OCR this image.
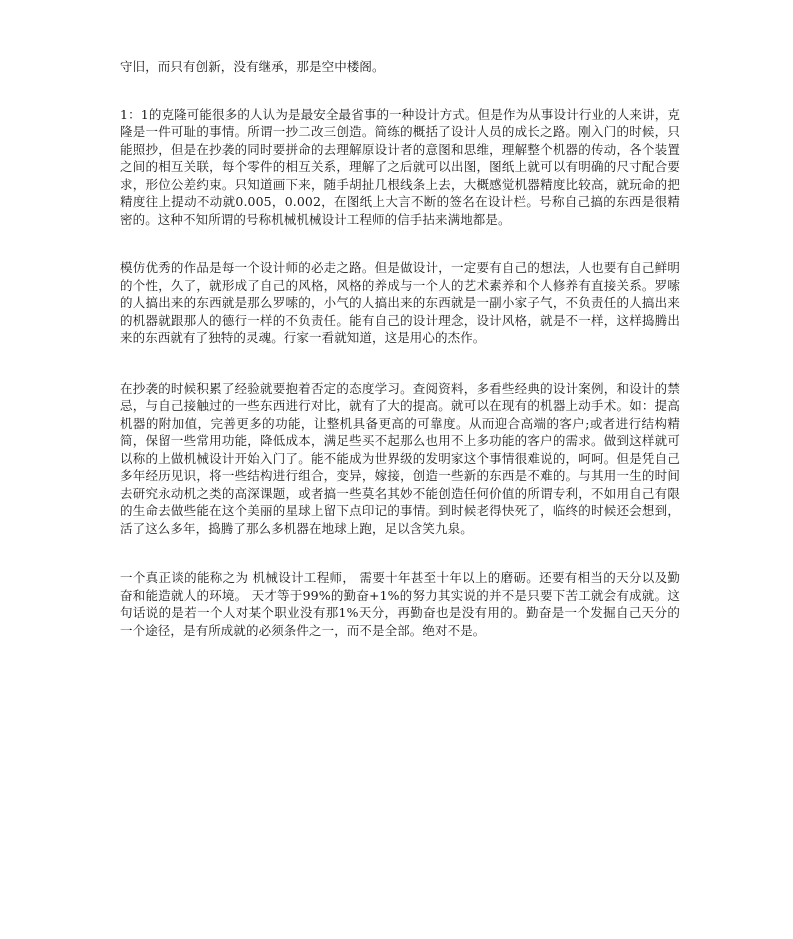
守旧，而只有创新，没有继承，那是空中楼阁。

1：1的克隆可能很多的人认为是最安全最省事的一种设计方式。但是作为从事设计行业的人来讲，克隆是一件可耻的事情。所谓一抄二改三创造。简练的概括了设计人员的成长之路。刚入门的时候，只能照抄，但是在抄袭的同时要拼命的去理解原设计者的意图和思维，理解整个机器的传动，各个装置之间的相互关联，每个零件的相互关系，理解了之后就可以出图，图纸上就可以有明确的尺寸配合要求，形位公差约束。只知道画下来，随手胡扯几根线条上去，大概感觉机器精度比较高，就玩命的把精度往上提动不动就0.005，0.002，在图纸上大言不断的签名在设计栏。号称自己搞的东西是很精密的。这种不知所谓的号称机械机械设计工程师的信手拈来满地都是。

模仿优秀的作品是每一个设计师的必走之路。但是做设计，一定要有自己的想法，人也要有自己鲜明的个性，久了，就形成了自己的风格，风格的养成与一个人的艺术素养和个人修养有直接关系。罗嗦的人搞出来的东西就是那么罗嗦的，小气的人搞出来的东西就是一副小家子气，不负责任的人搞出来的机器就跟那人的德行一样的不负责任。能有自己的设计理念，设计风格，就是不一样，这样捣腾出来的东西就有了独特的灵魂。行家一看就知道，这是用心的杰作。

在抄袭的时候积累了经验就要抱着否定的态度学习。查阅资料，多看些经典的设计案例，和设计的禁忌，与自己接触过的一些东西进行对比，就有了大的提高。就可以在现有的机器上动手术。如：提高机器的附加值，完善更多的功能，让整机具备更高的可靠度。从而迎合高端的客户;或者进行结构精简，保留一些常用功能，降低成本，满足些买不起那么也用不上多功能的客户的需求。做到这样就可以称的上做机械设计开始入门了。能不能成为世界级的发明家这个事情很难说的，呵呵。但是凭自己多年经历见识，将一些结构进行组合，变异，嫁接，创造一些新的东西是不难的。与其用一生的时间去研究永动机之类的高深课题，或者搞一些莫名其妙不能创造任何价值的所谓专利，不如用自己有限的生命去做些能在这个美丽的星球上留下点印记的事情。到时候老得快死了，临终的时候还会想到，活了这么多年，捣腾了那么多机器在地球上跑，足以含笑九泉。

一个真正谈的能称之为 机械设计工程师， 需要十年甚至十年以上的磨砺。还要有相当的天分以及勤奋和能造就人的环境。 天才等于99%的勤奋+1%的努力其实说的并不是只要下苦工就会有成就。这句话说的是若一个人对某个职业没有那1%天分，再勤奋也是没有用的。勤奋是一个发掘自己天分的一个途径，是有所成就的必须条件之一，而不是全部。绝对不是。
